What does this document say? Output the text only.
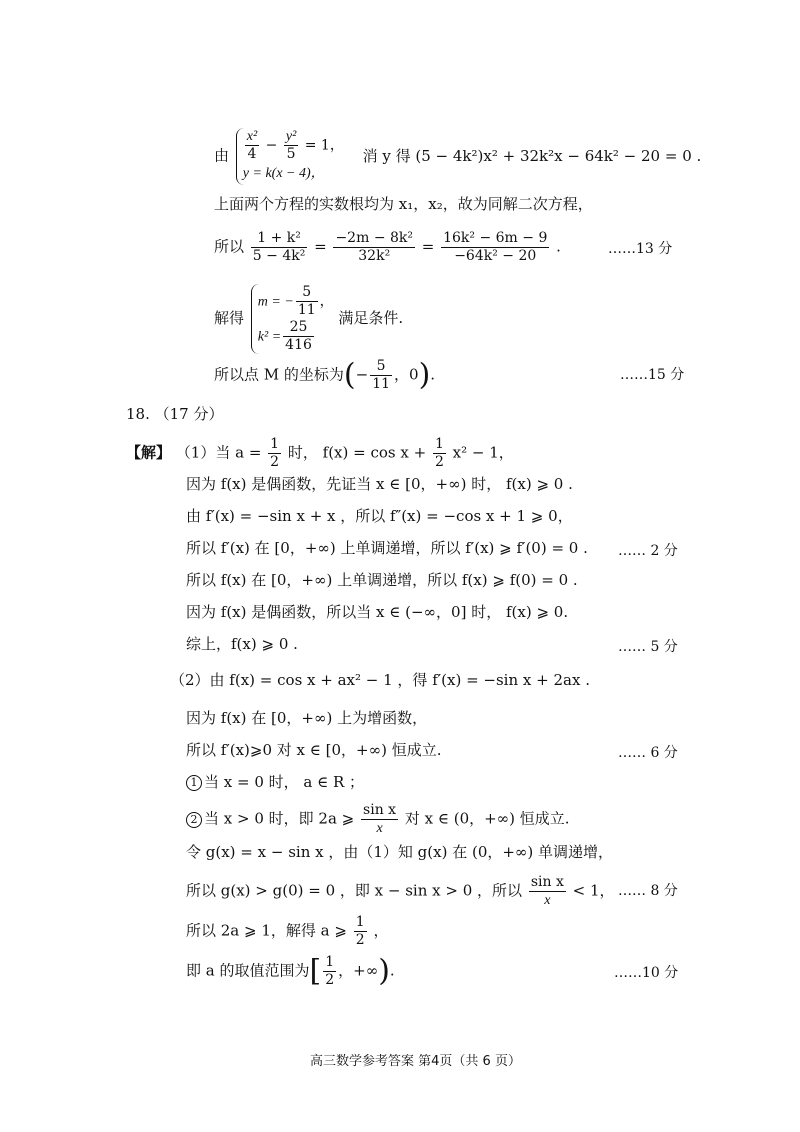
由 $\frac{\text{x²}}{4} - \frac{\text{y²}}{5} = 1$，
y = k(x − 4)，
消 y 得 (5 − 4k²)x² + 32k²x − 64k² − 20 = 0 .
上面两个方程的实数根均为 x₁，x₂，故为同解二次方程，
所以 $\frac{\text{1 + k²}}{\text{5 − 4k²}} = \frac{\text{−2m − 8k²}}{\text{32k²}} = \frac{\text{16k² − 6m − 9}}{\text{−64k² − 20}}$ .	……13 分
解得
m = − $\frac{5}{11}$ ，
$k^2 = \frac{25}{416}$
满足条件.
所以点 M 的坐标为(− $\frac{5}{11}$ ，0).	……15 分
18. （17 分）
【解】 （1）当 $a = \frac{1}{2}$ 时， $f(x) = \cos x + \frac{1}{2} x^2 - 1$，
因为 f(x) 是偶函数，先证当 x ∈ [0，+∞) 时， f(x) ⩾ 0 .
由 f′(x) = −sin x + x ，所以 f″(x) = −cos x + 1 ⩾ 0，
所以 f′(x) 在 [0，+∞) 上单调递增，所以 f′(x) ⩾ f′(0) = 0 . …… 2 分
所以 f(x) 在 [0，+∞) 上单调递增，所以 f(x) ⩾ f(0) = 0 .
因为 f(x) 是偶函数，所以当 x ∈ (−∞，0] 时， f(x) ⩾ 0.
综上，f(x) ⩾ 0 .	…… 5 分
（2）由 f(x) = cos x + ax² − 1 ，得 f′(x) = −sin x + 2ax .
因为 f(x) 在 [0，+∞) 上为增函数，
所以 f′(x)⩾0 对 x ∈ [0，+∞) 恒成立.	…… 6 分
1 当 x = 0 时， a ∈ R ；
2 当 x > 0 时，即 2a ⩾ $\frac{\text{sin x}}{x}$ 对 x ∈ (0，+∞) 恒成立.
令 g(x) = x − sin x ，由（1）知 g(x) 在 (0，+∞) 单调递增，
所以 g(x) > g(0) = 0 ，即 x − sin x > 0 ，所以 $\frac{\text{sin x}}{x} < 1$， …… 8 分
所以 2a ⩾ 1，解得 a ⩾ $\frac{1}{2}$ ，
即 a 的取值范围为[ $\frac{1}{2}$ ，+∞).	……10 分
高三数学参考答案 第4页（共 6 页）
